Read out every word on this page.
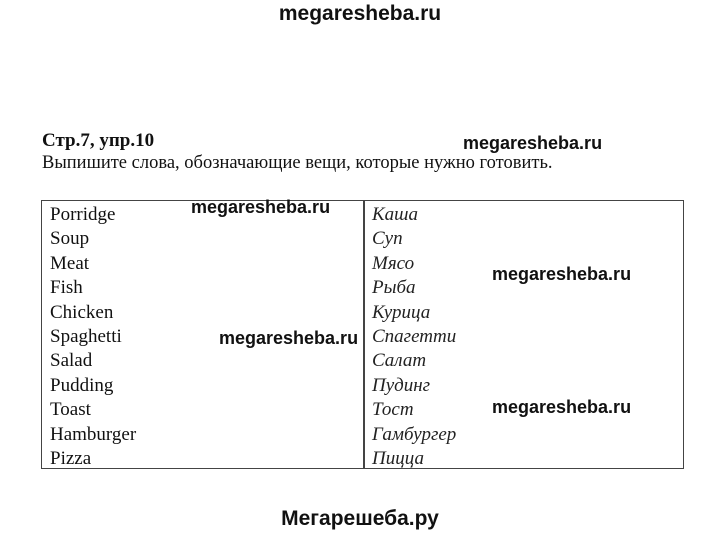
megaresheba.ru
Стр.7, упр.10
Выпишите слова, обозначающие вещи, которые нужно готовить.
Porridge
Soup
Meat
Fish
Chicken
Spaghetti
Salad
Pudding
Toast
Hamburger
Pizza
Каша
Суп
Мясо
Рыба
Курица
Спагетти
Салат
Пудинг
Тост
Гамбургер
Пицца
megaresheba.ru
megaresheba.ru
megaresheba.ru
megaresheba.ru
megaresheba.ru
Мегарешеба.ру
